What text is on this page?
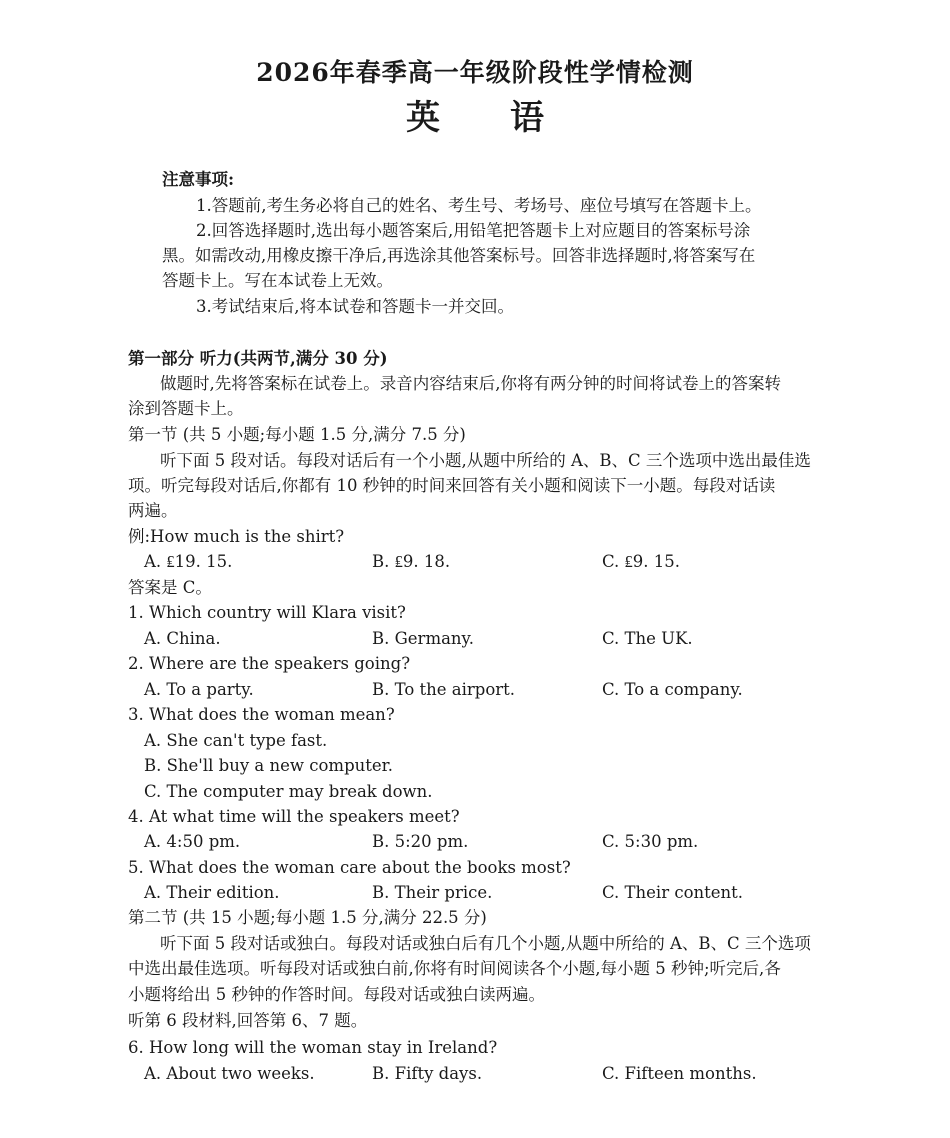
2026年春季高一年级阶段性学情检测
英 语
注意事项:
1.答题前,考生务必将自己的姓名、考生号、考场号、座位号填写在答题卡上。
2.回答选择题时,选出每小题答案后,用铅笔把答题卡上对应题目的答案标号涂
黑。如需改动,用橡皮擦干净后,再选涂其他答案标号。回答非选择题时,将答案写在
答题卡上。写在本试卷上无效。
3.考试结束后,将本试卷和答题卡一并交回。
第一部分 听力(共两节,满分 30 分)
做题时,先将答案标在试卷上。录音内容结束后,你将有两分钟的时间将试卷上的答案转
涂到答题卡上。
第一节 (共 5 小题;每小题 1.5 分,满分 7.5 分)
听下面 5 段对话。每段对话后有一个小题,从题中所给的 A、B、C 三个选项中选出最佳选
项。听完每段对话后,你都有 10 秒钟的时间来回答有关小题和阅读下一小题。每段对话读
两遍。
例:How much is the shirt?
A. ₤19. 15.	B. ₤9. 18.	C. ₤9. 15.
答案是 C。
1. Which country will Klara visit?
A. China.	B. Germany.	C. The UK.
2. Where are the speakers going?
A. To a party.	B. To the airport.	C. To a company.
3. What does the woman mean?
A. She can't type fast.
B. She'll buy a new computer.
C. The computer may break down.
4. At what time will the speakers meet?
A. 4:50 pm.	B. 5:20 pm.	C. 5:30 pm.
5. What does the woman care about the books most?
A. Their edition.	B. Their price.	C. Their content.
第二节 (共 15 小题;每小题 1.5 分,满分 22.5 分)
听下面 5 段对话或独白。每段对话或独白后有几个小题,从题中所给的 A、B、C 三个选项
中选出最佳选项。听每段对话或独白前,你将有时间阅读各个小题,每小题 5 秒钟;听完后,各
小题将给出 5 秒钟的作答时间。每段对话或独白读两遍。
听第 6 段材料,回答第 6、7 题。
6. How long will the woman stay in Ireland?
A. About two weeks.	B. Fifty days.	C. Fifteen months.
